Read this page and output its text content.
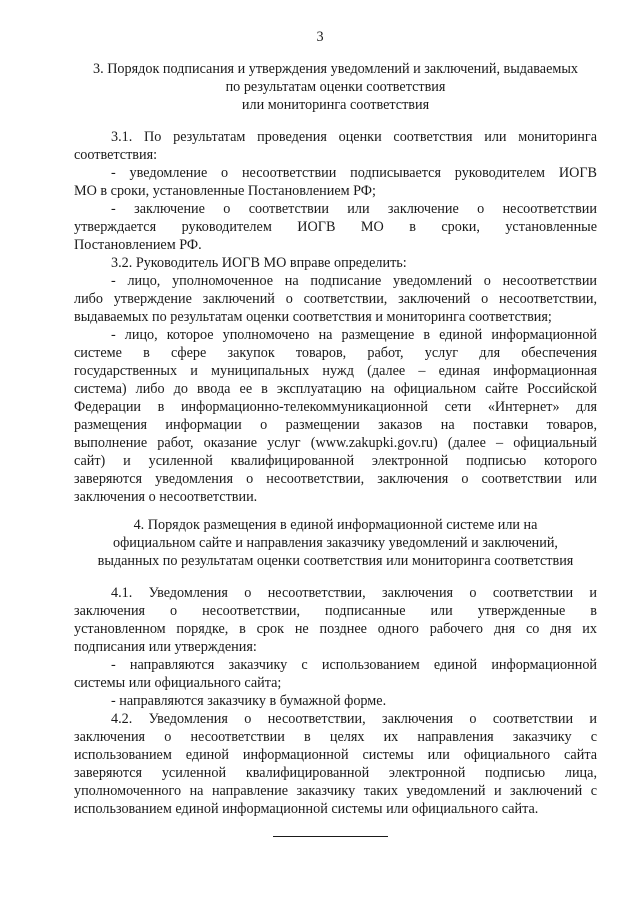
3
3. Порядок подписания и утверждения уведомлений и заключений, выдаваемых
по результатам оценки соответствия
или мониторинга соответствия
3.1. По результатам проведения оценки соответствия или мониторинга
соответствия:
- уведомление о несоответствии подписывается руководителем ИОГВ
МО в сроки, установленные Постановлением РФ;
- заключение о соответствии или заключение о несоответствии
утверждается руководителем ИОГВ МО в сроки, установленные
Постановлением РФ.
3.2. Руководитель ИОГВ МО вправе определить:
- лицо, уполномоченное на подписание уведомлений о несоответствии
либо утверждение заключений о соответствии, заключений о несоответствии,
выдаваемых по результатам оценки соответствия и мониторинга соответствия;
- лицо, которое уполномочено на размещение в единой информационной
системе в сфере закупок товаров, работ, услуг для обеспечения
государственных и муниципальных нужд (далее – единая информационная
система) либо до ввода ее в эксплуатацию на официальном сайте Российской
Федерации в информационно-телекоммуникационной сети «Интернет» для
размещения информации о размещении заказов на поставки товаров,
выполнение работ, оказание услуг (www.zakupki.gov.ru) (далее – официальный
сайт) и усиленной квалифицированной электронной подписью которого
заверяются уведомления о несоответствии, заключения о соответствии или
заключения о несоответствии.
4. Порядок размещения в единой информационной системе или на
официальном сайте и направления заказчику уведомлений и заключений,
выданных по результатам оценки соответствия или мониторинга соответствия
4.1. Уведомления о несоответствии, заключения о соответствии и
заключения о несоответствии, подписанные или утвержденные в
установленном порядке, в срок не позднее одного рабочего дня со дня их
подписания или утверждения:
- направляются заказчику с использованием единой информационной
системы или официального сайта;
- направляются заказчику в бумажной форме.
4.2. Уведомления о несоответствии, заключения о соответствии и
заключения о несоответствии в целях их направления заказчику с
использованием единой информационной системы или официального сайта
заверяются усиленной квалифицированной электронной подписью лица,
уполномоченного на направление заказчику таких уведомлений и заключений с
использованием единой информационной системы или официального сайта.
